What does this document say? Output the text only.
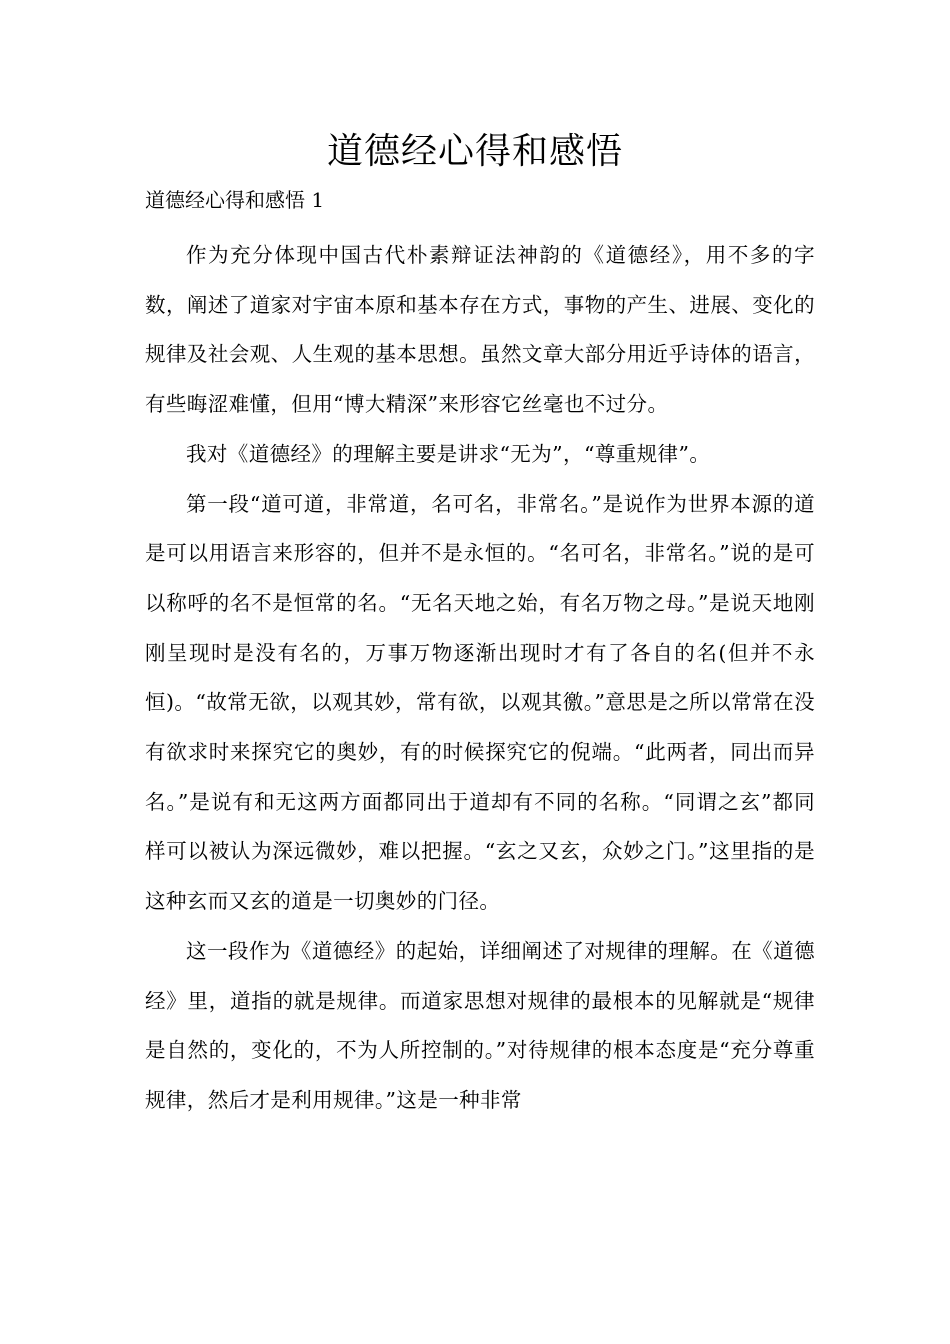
道德经心得和感悟

道德经心得和感悟 1

作为充分体现中国古代朴素辩证法神韵的《道德经》，用不多的字数，阐述了道家对宇宙本原和基本存在方式，事物的产生、进展、变化的规律及社会观、人生观的基本思想。虽然文章大部分用近乎诗体的语言，有些晦涩难懂，但用“博大精深”来形容它丝毫也不过分。

我对《道德经》的理解主要是讲求“无为”，“尊重规律”。

第一段“道可道，非常道，名可名，非常名。”是说作为世界本源的道是可以用语言来形容的，但并不是永恒的。“名可名，非常名。”说的是可以称呼的名不是恒常的名。“无名天地之始，有名万物之母。”是说天地刚刚呈现时是没有名的，万事万物逐渐出现时才有了各自的名(但并不永恒)。“故常无欲，以观其妙，常有欲，以观其徼。”意思是之所以常常在没有欲求时来探究它的奥妙，有的时候探究它的倪端。“此两者，同出而异名。”是说有和无这两方面都同出于道却有不同的名称。“同谓之玄”都同样可以被认为深远微妙，难以把握。“玄之又玄，众妙之门。”这里指的是这种玄而又玄的道是一切奥妙的门径。

这一段作为《道德经》的起始，详细阐述了对规律的理解。在《道德经》里，道指的就是规律。而道家思想对规律的最根本的见解就是“规律是自然的，变化的，不为人所控制的。”对待规律的根本态度是“充分尊重规律，然后才是利用规律。”这是一种非常
